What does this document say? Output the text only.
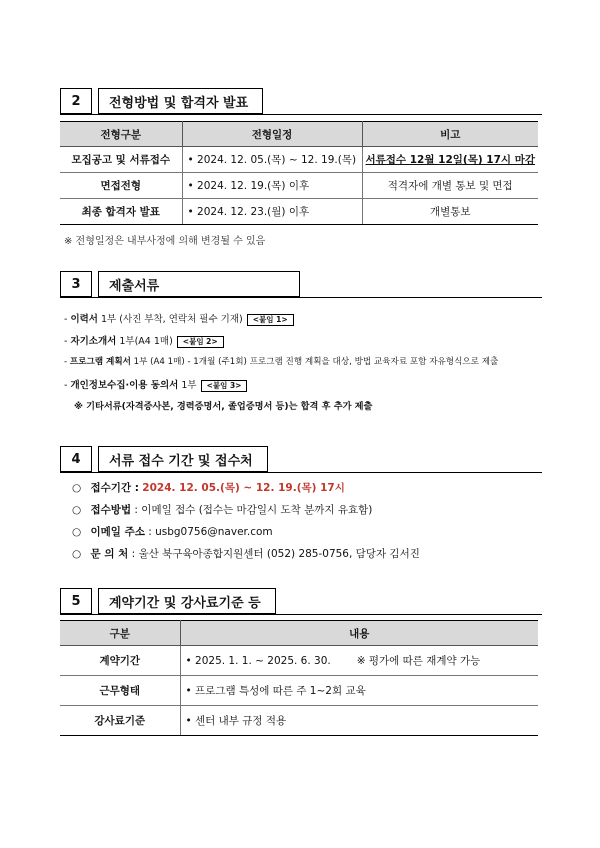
2	전형방법 및 합격자 발표
전형구분	전형일정	비고
모집공고 및 서류접수	• 2024. 12. 05.(목) ~ 12. 19.(목)	서류접수 12월 12일(목) 17시 마감
면접전형	• 2024. 12. 19.(목) 이후	적격자에 개별 통보 및 면접
최종 합격자 발표	• 2024. 12. 23.(월) 이후	개별통보
※ 전형일정은 내부사정에 의해 변경될 수 있음
3	제출서류
- 이력서 1부 (사진 부착, 연락처 필수 기재) <붙임 1>
- 자기소개서 1부(A4 1매) <붙임 2>
- 프로그램 계획서 1부 (A4 1매) - 1개월 (주1회) 프로그램 진행 계획을 대상, 방법 교육자료 포함 자유형식으로 제출
- 개인정보수집·이용 동의서 1부 <붙임 3>
※ 기타서류(자격증사본, 경력증명서, 졸업증명서 등)는 합격 후 추가 제출
4	서류 접수 기간 및 접수처
○ 접수기간 : 2024. 12. 05.(목) ~ 12. 19.(목) 17시
○ 접수방법 : 이메일 접수 (접수는 마감일시 도착 분까지 유효함)
○ 이메일 주소 : usbg0756@naver.com
○ 문 의 처 : 울산 북구육아종합지원센터 (052) 285-0756, 담당자 김서진
5	계약기간 및 강사료기준 등
구분	내용
계약기간	• 2025. 1. 1. ~ 2025. 6. 30. ※ 평가에 따른 재계약 가능
근무형태	• 프로그램 특성에 따른 주 1~2회 교육
강사료기준	• 센터 내부 규정 적용
